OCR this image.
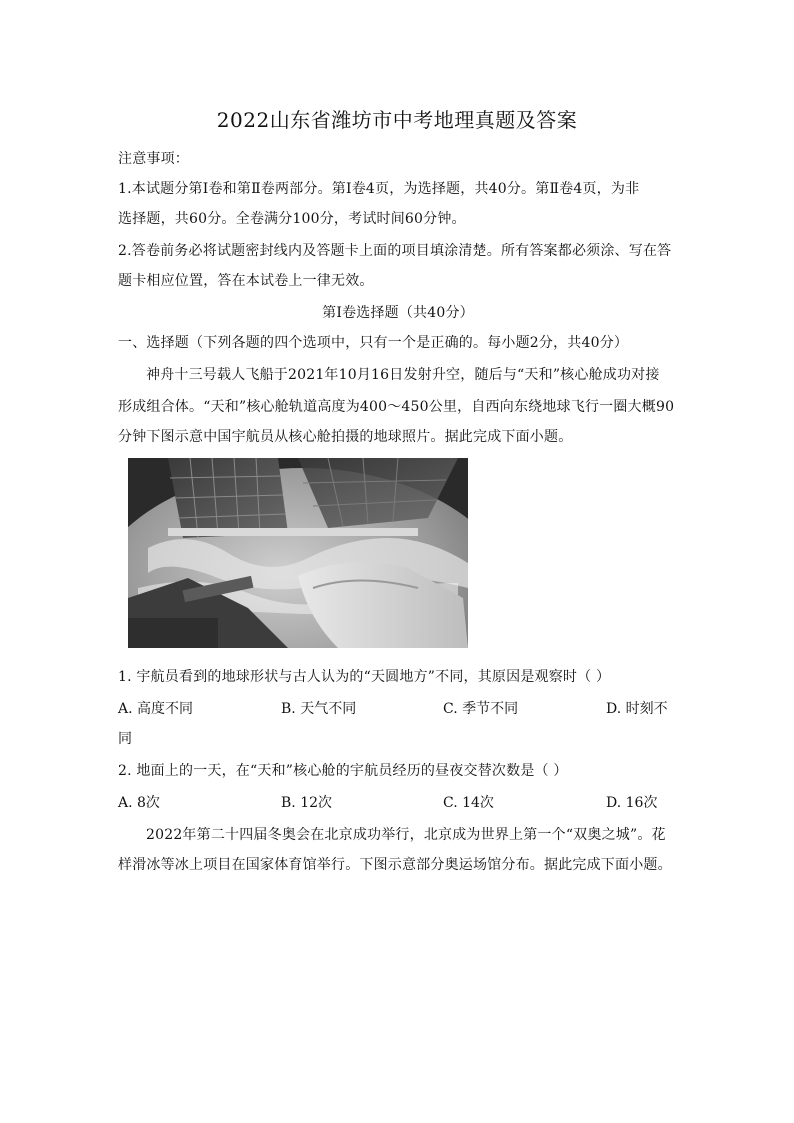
2022山东省潍坊市中考地理真题及答案
注意事项：
1.本试题分第Ⅰ卷和第Ⅱ卷两部分。第Ⅰ卷4页，为选择题，共40分。第Ⅱ卷4页，为非
选择题，共60分。全卷满分100分，考试时间60分钟。
2.答卷前务必将试题密封线内及答题卡上面的项目填涂清楚。所有答案都必须涂、写在答
题卡相应位置，答在本试卷上一律无效。
第Ⅰ卷选择题（共40分）
一、选择题（下列各题的四个选项中，只有一个是正确的。每小题2分，共40分）
神舟十三号载人飞船于2021年10月16日发射升空，随后与“天和”核心舱成功对接
形成组合体。“天和”核心舱轨道高度为400～450公里，自西向东绕地球飞行一圈大概90
分钟下图示意中国宇航员从核心舱拍摄的地球照片。据此完成下面小题。
1. 宇航员看到的地球形状与古人认为的“天圆地方”不同，其原因是观察时（ ）
A. 高度不同	B. 天气不同	C. 季节不同	D. 时刻不
同
2. 地面上的一天，在“天和”核心舱的宇航员经历的昼夜交替次数是（ ）
A. 8次	B. 12次	C. 14次	D. 16次
2022年第二十四届冬奥会在北京成功举行，北京成为世界上第一个“双奥之城”。花
样滑冰等冰上项目在国家体育馆举行。下图示意部分奥运场馆分布。据此完成下面小题。
